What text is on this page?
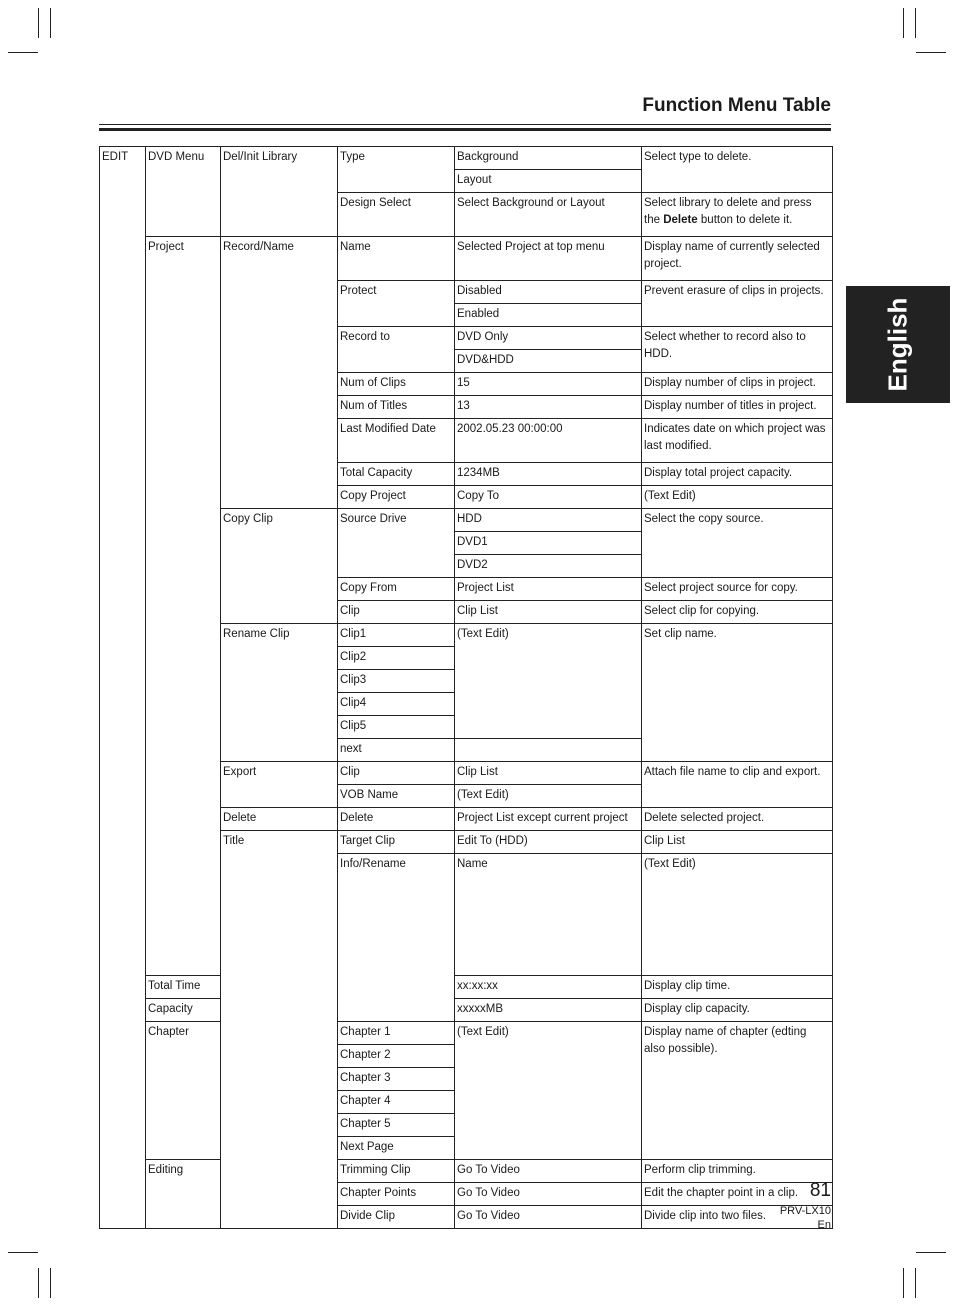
Function Menu Table
English
EDIT	DVD Menu	Del/Init Library	Type	Background	Select type to delete.	
				Layout		
			Design Select	Select Background or Layout	Select library to delete and press the Delete button to delete it.	
	Project	Record/Name	Name	Selected Project at top menu	Display name of currently selected project.	
			Protect	Disabled	Prevent erasure of clips in projects.	
				Enabled		
			Record to	DVD Only	Select whether to record also to HDD.	
				DVD&HDD		
			Num of Clips	15	Display number of clips in project.	
			Num of Titles	13	Display number of titles in project.	
			Last Modified Date	2002.05.23 00:00:00	Indicates date on which project was last modified.	
			Total Capacity	1234MB	Display total project capacity.	
			Copy Project	Copy To	(Text Edit)	
		Copy Clip	Source Drive	HDD	Select the copy source.	
				DVD1		
				DVD2		
			Copy From	Project List	Select project source for copy.	
			Clip	Clip List	Select clip for copying.	
		Rename Clip	Clip1	(Text Edit)	Set clip name.	
			Clip2			
			Clip3			
			Clip4			
			Clip5			
			next			
		Export	Clip	Clip List	Attach file name to clip and export.	
			VOB Name	(Text Edit)		
		Delete	Delete	Project List except current project	Delete selected project.	
		Title	Target Clip	Edit To (HDD)	Clip List	
			Info/Rename	Name	(Text Edit)	
	Total Time			xx:xx:xx	Display clip time.	
	Capacity			xxxxxMB	Display clip capacity.	
	Chapter		Chapter 1	(Text Edit)	Display name of chapter (edting also possible).	
			Chapter 2			
			Chapter 3			
			Chapter 4			
			Chapter 5			
			Next Page			
	Editing		Trimming Clip	Go To Video	Perform clip trimming.	
			Chapter Points	Go To Video	Edit the chapter point in a clip.	
			Divide Clip	Go To Video	Divide clip into two files.	
81
PRV-LX10
En
